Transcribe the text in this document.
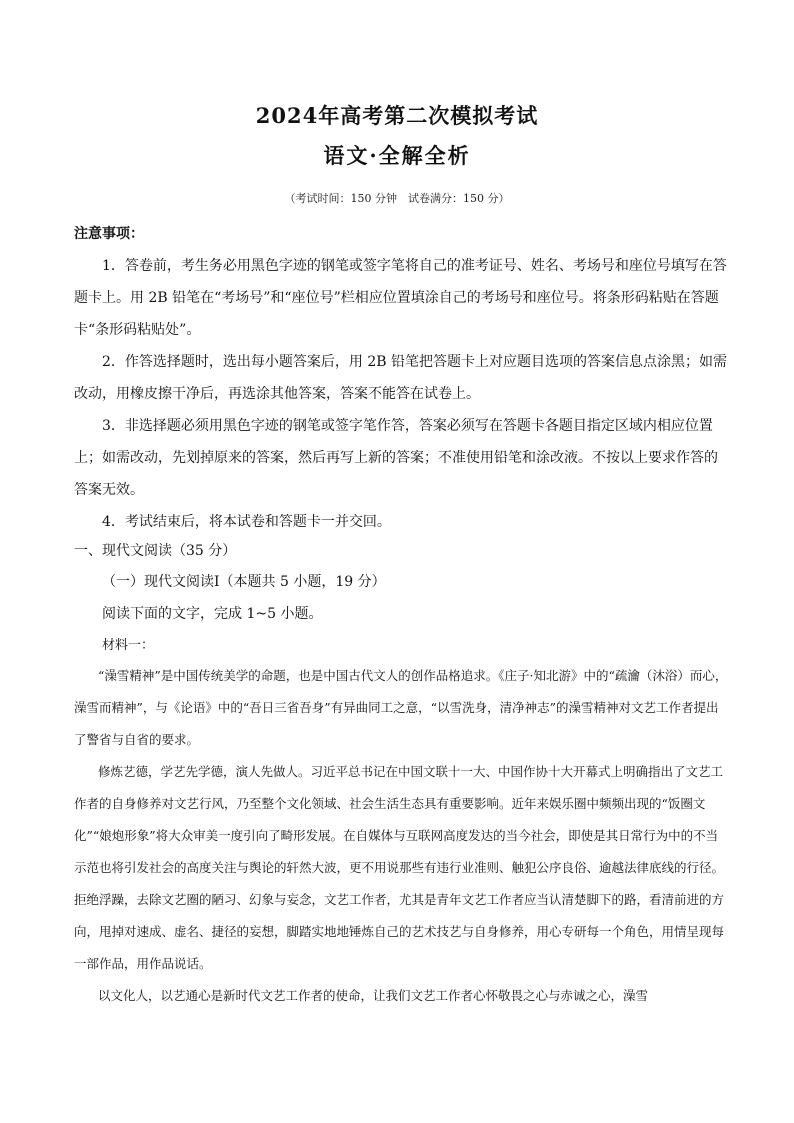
2024年高考第二次模拟考试
语文·全解全析
（考试时间：150 分钟　试卷满分：150 分）
注意事项：
1．答卷前，考生务必用黑色字迹的钢笔或签字笔将自己的准考证号、姓名、考场号和座位号填写在答题卡上。用 2B 铅笔在“考场号”和“座位号”栏相应位置填涂自己的考场号和座位号。将条形码粘贴在答题卡“条形码粘贴处”。
2．作答选择题时，选出每小题答案后，用 2B 铅笔把答题卡上对应题目选项的答案信息点涂黑；如需改动，用橡皮擦干净后，再选涂其他答案，答案不能答在试卷上。
3．非选择题必须用黑色字迹的钢笔或签字笔作答，答案必须写在答题卡各题目指定区域内相应位置上；如需改动，先划掉原来的答案，然后再写上新的答案；不准使用铅笔和涂改液。不按以上要求作答的答案无效。
4．考试结束后，将本试卷和答题卡一并交回。
一、现代文阅读（35 分）
（一）现代文阅读Ⅰ（本题共 5 小题，19 分）
阅读下面的文字，完成 1~5 小题。
材料一：
“澡雪精神”是中国传统美学的命题，也是中国古代文人的创作品格追求。《庄子·知北游》中的“疏瀹（沐浴）而心，澡雪而精神”，与《论语》中的“吾日三省吾身”有异曲同工之意，“以雪洗身，清净神志”的澡雪精神对文艺工作者提出了警省与自省的要求。
修炼艺德，学艺先学德，演人先做人。习近平总书记在中国文联十一大、中国作协十大开幕式上明确指出了文艺工作者的自身修养对文艺行风，乃至整个文化领域、社会生活生态具有重要影响。近年来娱乐圈中频频出现的“饭圈文化”“娘炮形象”将大众审美一度引向了畸形发展。在自媒体与互联网高度发达的当今社会，即使是其日常行为中的不当示范也将引发社会的高度关注与舆论的轩然大波，更不用说那些有违行业准则、触犯公序良俗、逾越法律底线的行径。拒绝浮躁，去除文艺圈的陋习、幻象与妄念，文艺工作者，尤其是青年文艺工作者应当认清楚脚下的路，看清前进的方向，甩掉对速成、虚名、捷径的妄想，脚踏实地地锤炼自己的艺术技艺与自身修养，用心专研每一个角色，用情呈现每一部作品，用作品说话。
以文化人，以艺通心是新时代文艺工作者的使命，让我们文艺工作者心怀敬畏之心与赤诚之心，澡雪
